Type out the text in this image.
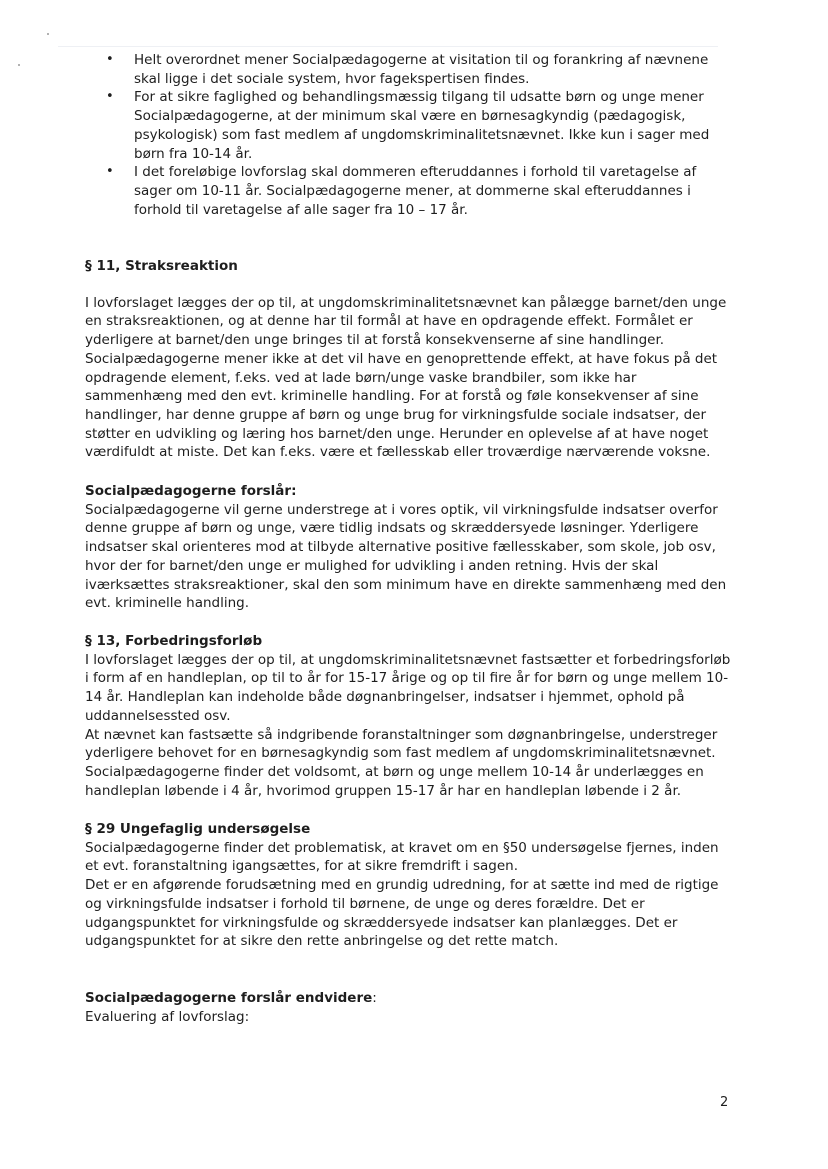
• Helt overordnet mener Socialpædagogerne at visitation til og forankring af nævnene skal ligge i det sociale system, hvor fagekspertisen findes.
• For at sikre faglighed og behandlingsmæssig tilgang til udsatte børn og unge mener Socialpædagogerne, at der minimum skal være en børnesagkyndig (pædagogisk, psykologisk) som fast medlem af ungdomskriminalitetsnævnet. Ikke kun i sager med børn fra 10-14 år.
• I det foreløbige lovforslag skal dommeren efteruddannes i forhold til varetagelse af sager om 10-11 år. Socialpædagogerne mener, at dommerne skal efteruddannes i forhold til varetagelse af alle sager fra 10 – 17 år.
§ 11, Straksreaktion

I lovforslaget lægges der op til, at ungdomskriminalitetsnævnet kan pålægge barnet/den unge en straksreaktionen, og at denne har til formål at have en opdragende effekt. Formålet er yderligere at barnet/den unge bringes til at forstå konsekvenserne af sine handlinger. Socialpædagogerne mener ikke at det vil have en genoprettende effekt, at have fokus på det opdragende element, f.eks. ved at lade børn/unge vaske brandbiler, som ikke har sammenhæng med den evt. kriminelle handling. For at forstå og føle konsekvenser af sine handlinger, har denne gruppe af børn og unge brug for virkningsfulde sociale indsatser, der støtter en udvikling og læring hos barnet/den unge. Herunder en oplevelse af at have noget værdifuldt at miste. Det kan f.eks. være et fællesskab eller troværdige nærværende voksne.

Socialpædagogerne forslår:

Socialpædagogerne vil gerne understrege at i vores optik, vil virkningsfulde indsatser overfor denne gruppe af børn og unge, være tidlig indsats og skræddersyede løsninger. Yderligere indsatser skal orienteres mod at tilbyde alternative positive fællesskaber, som skole, job osv, hvor der for barnet/den unge er mulighed for udvikling i anden retning. Hvis der skal iværksættes straksreaktioner, skal den som minimum have en direkte sammenhæng med den evt. kriminelle handling.

§ 13, Forbedringsforløb

I lovforslaget lægges der op til, at ungdomskriminalitetsnævnet fastsætter et forbedringsforløb i form af en handleplan, op til to år for 15-17 årige og op til fire år for børn og unge mellem 10-14 år. Handleplan kan indeholde både døgnanbringelser, indsatser i hjemmet, ophold på uddannelsessted osv.

At nævnet kan fastsætte så indgribende foranstaltninger som døgnanbringelse, understreger yderligere behovet for en børnesagkyndig som fast medlem af ungdomskriminalitetsnævnet. Socialpædagogerne finder det voldsomt, at børn og unge mellem 10-14 år underlægges en handleplan løbende i 4 år, hvorimod gruppen 15-17 år har en handleplan løbende i 2 år.

§ 29 Ungefaglig undersøgelse

Socialpædagogerne finder det problematisk, at kravet om en §50 undersøgelse fjernes, inden et evt. foranstaltning igangsættes, for at sikre fremdrift i sagen.

Det er en afgørende forudsætning med en grundig udredning, for at sætte ind med de rigtige og virkningsfulde indsatser i forhold til børnene, de unge og deres forældre. Det er udgangspunktet for virkningsfulde og skræddersyede indsatser kan planlægges. Det er udgangspunktet for at sikre den rette anbringelse og det rette match.

Socialpædagogerne forslår endvidere:

Evaluering af lovforslag:

2
